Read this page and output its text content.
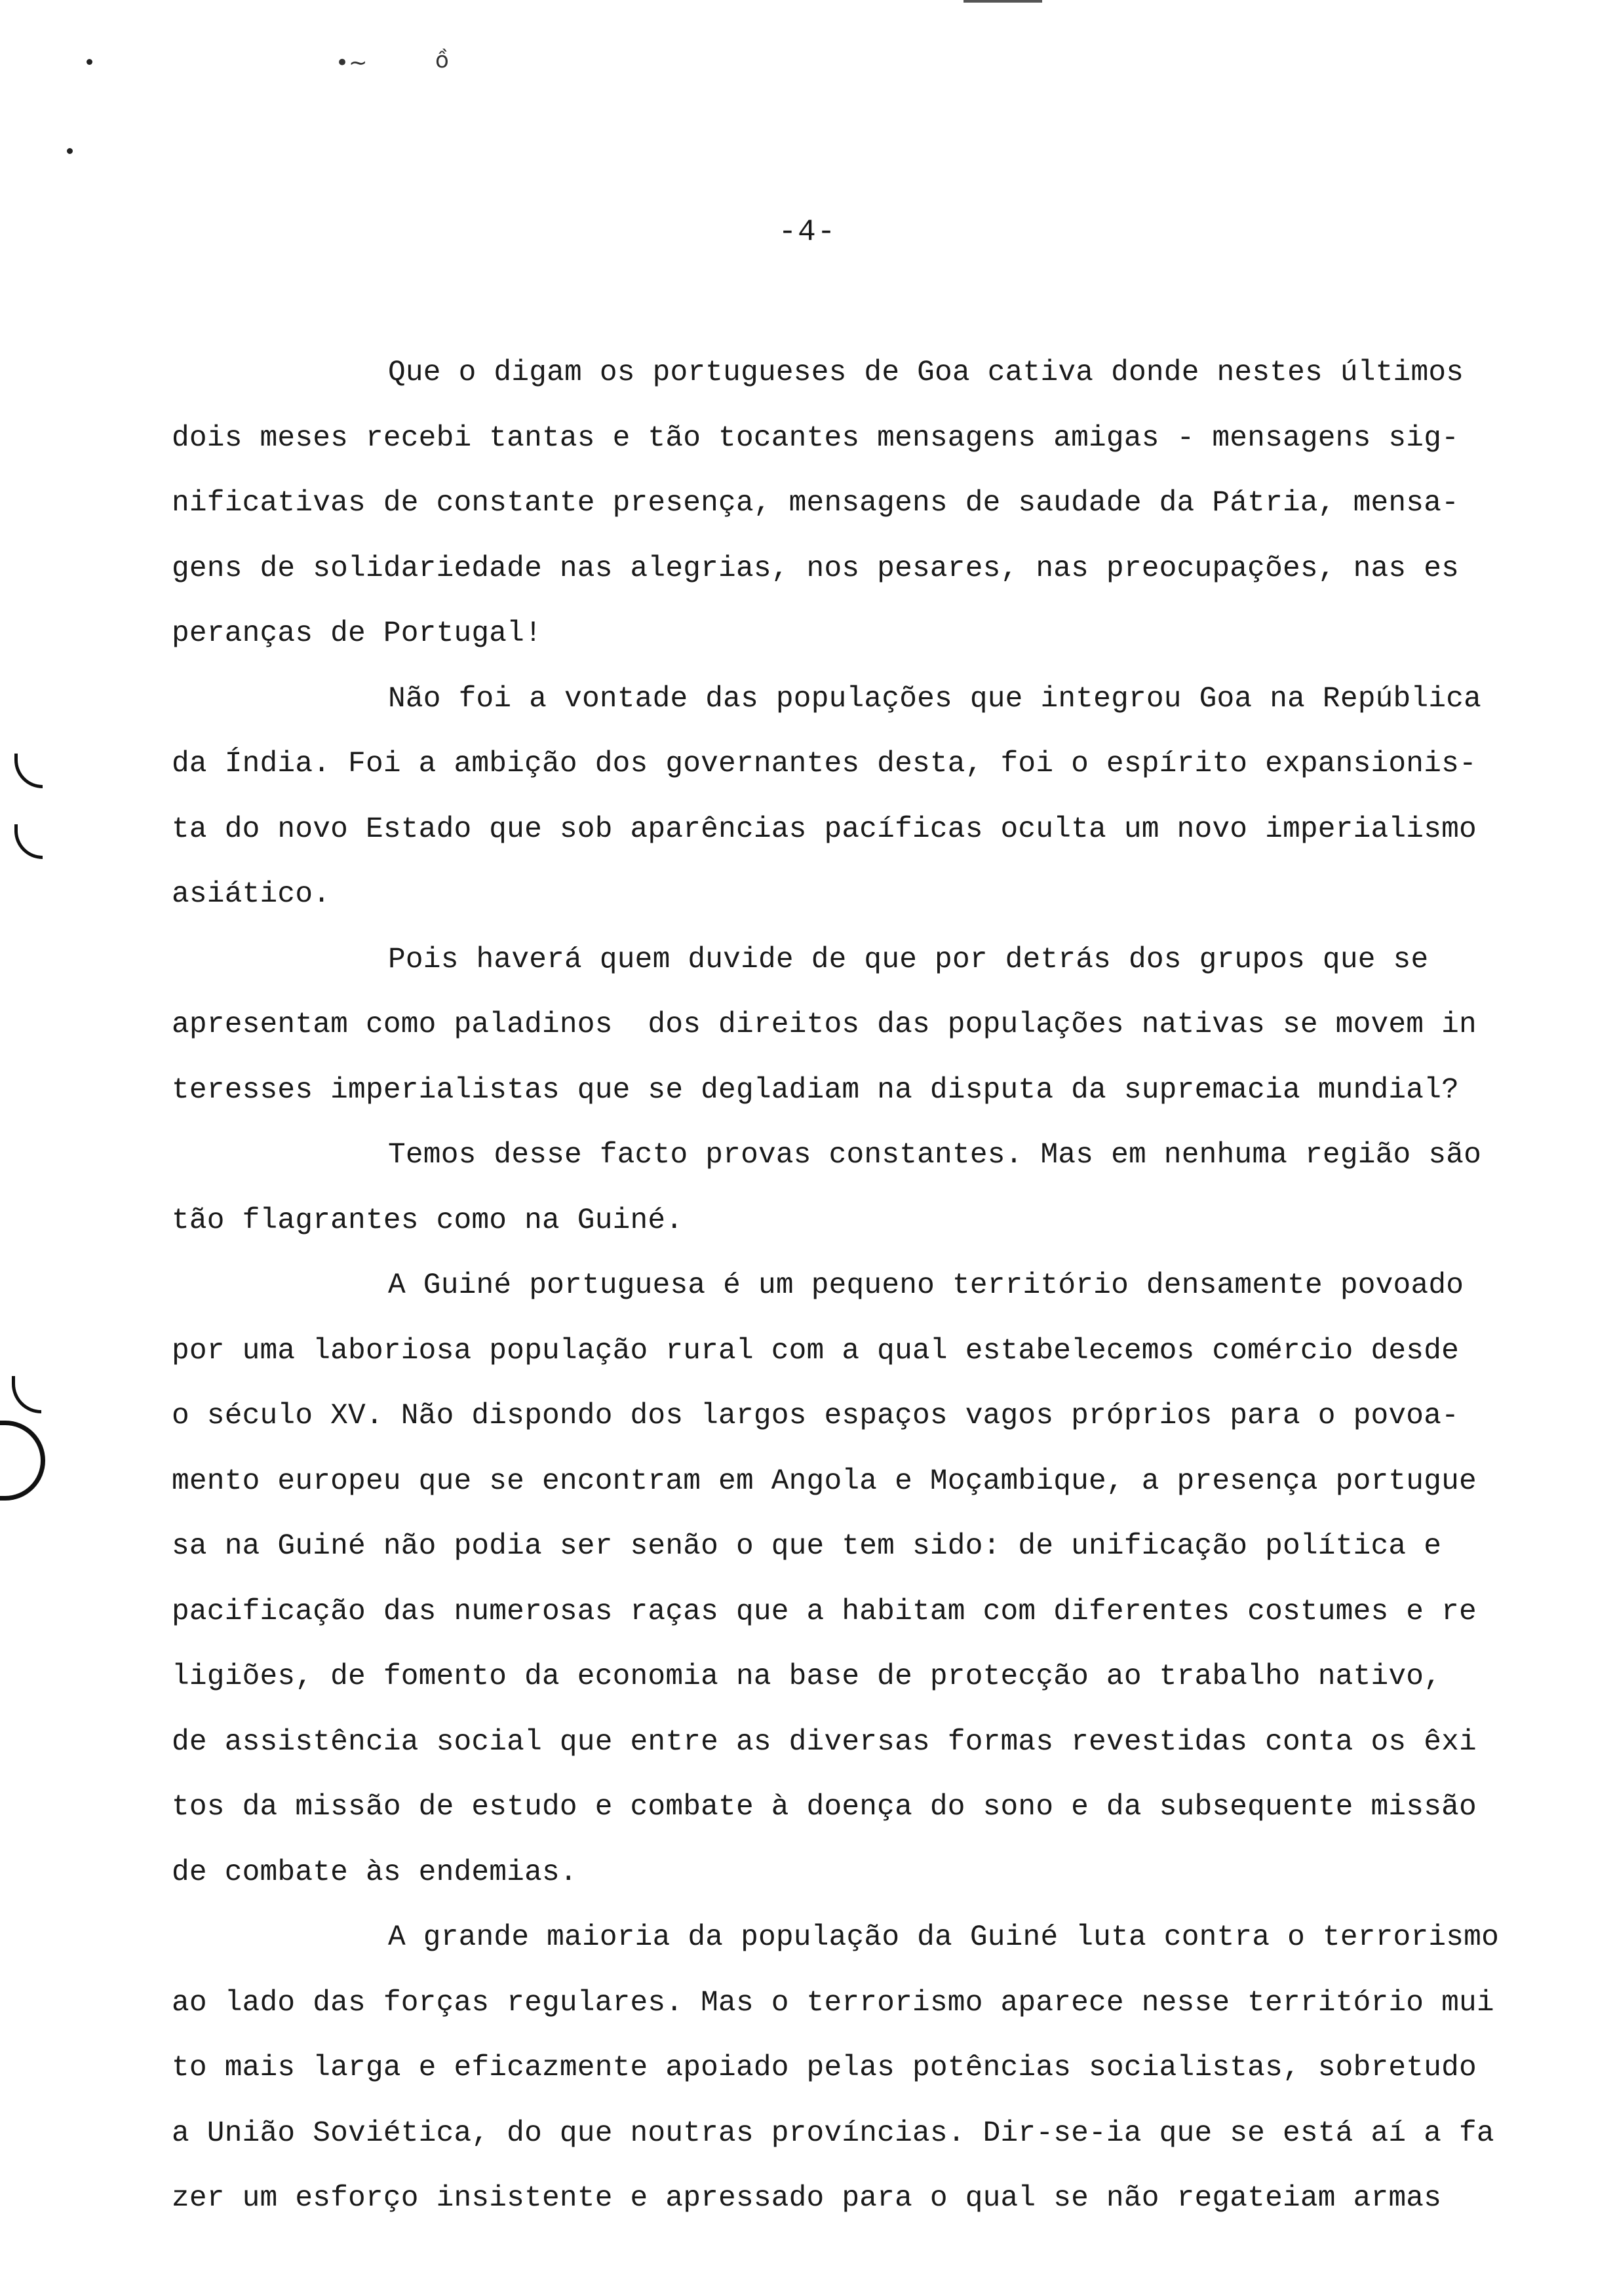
•∼	ồ
-4-
Que o digam os portugueses de Goa cativa donde nestes últimos
dois meses recebi tantas e tão tocantes mensagens amigas - mensagens sig-
nificativas de constante presença, mensagens de saudade da Pátria, mensa-
gens de solidariedade nas alegrias, nos pesares, nas preocupações, nas es
peranças de Portugal!
Não foi a vontade das populações que integrou Goa na República
da Índia. Foi a ambição dos governantes desta, foi o espírito expansionis-
ta do novo Estado que sob aparências pacíficas oculta um novo imperialismo
asiático.
Pois haverá quem duvide de que por detrás dos grupos que se
apresentam como paladinos  dos direitos das populações nativas se movem in
teresses imperialistas que se degladiam na disputa da supremacia mundial?
Temos desse facto provas constantes. Mas em nenhuma região são
tão flagrantes como na Guiné.
A Guiné portuguesa é um pequeno território densamente povoado
por uma laboriosa população rural com a qual estabelecemos comércio desde
o século XV. Não dispondo dos largos espaços vagos próprios para o povoa-
mento europeu que se encontram em Angola e Moçambique, a presença portugue
sa na Guiné não podia ser senão o que tem sido: de unificação política e
pacificação das numerosas raças que a habitam com diferentes costumes e re
ligiões, de fomento da economia na base de protecção ao trabalho nativo,
de assistência social que entre as diversas formas revestidas conta os êxi
tos da missão de estudo e combate à doença do sono e da subsequente missão
de combate às endemias.
A grande maioria da população da Guiné luta contra o terrorismo
ao lado das forças regulares. Mas o terrorismo aparece nesse território mui
to mais larga e eficazmente apoiado pelas potências socialistas, sobretudo
a União Soviética, do que noutras províncias. Dir-se-ia que se está aí a fa
zer um esforço insistente e apressado para o qual se não regateiam armas
